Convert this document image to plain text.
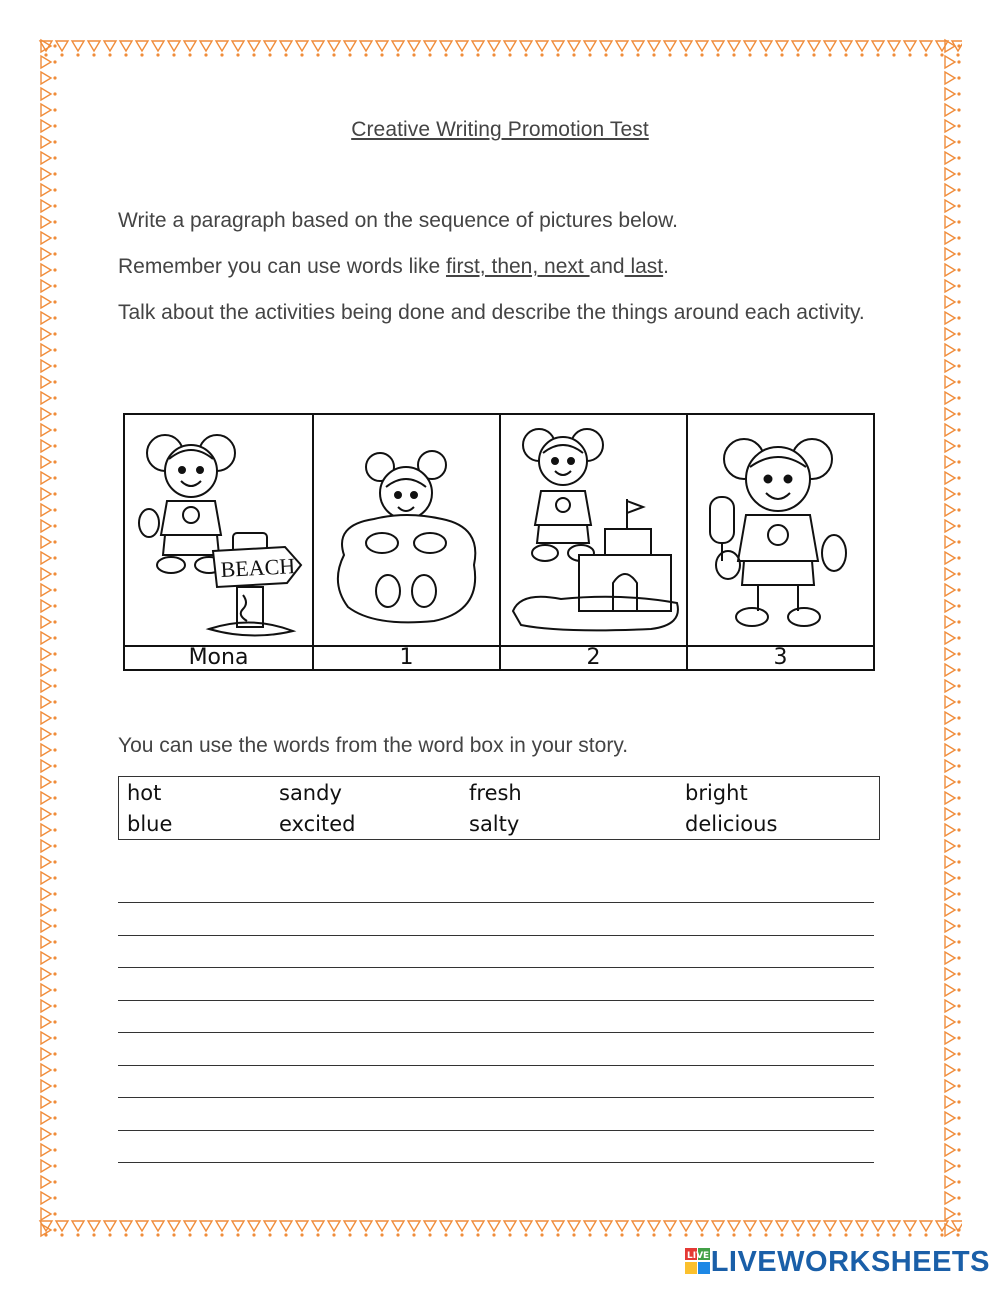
Creative Writing Promotion Test
Write a paragraph based on the sequence of pictures below.
Remember you can use words like first, then, next and last.
Talk about the activities being done and describe the things around each activity.
BEACH
Mona	1	2	3
You can use the words from the word box in your story.
hot	sandy	fresh	bright
blue	excited	salty	delicious
LIVE LIVEWORKSHEETS
